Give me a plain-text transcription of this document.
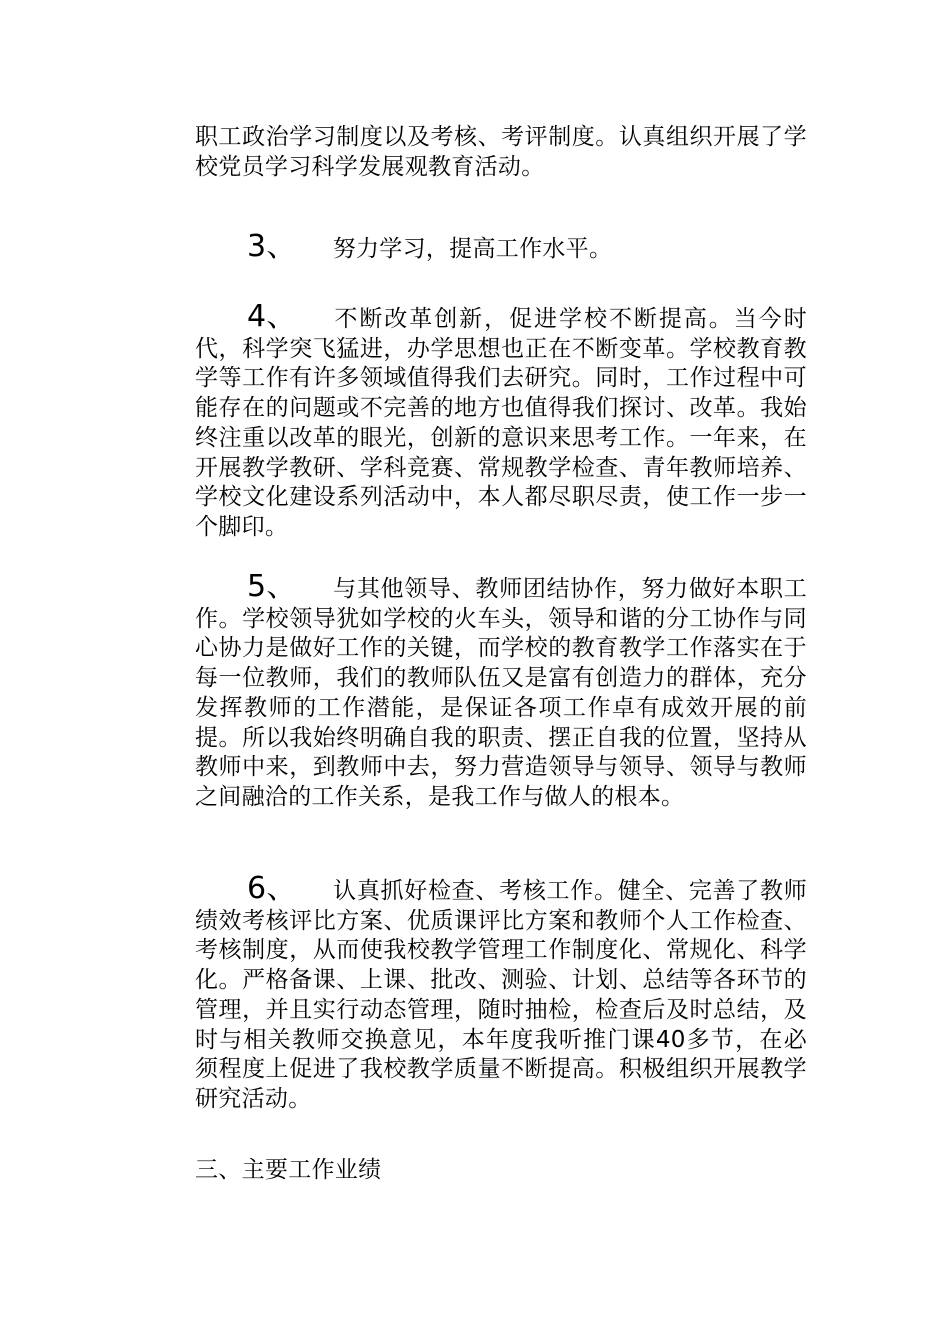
职工政治学习制度以及考核、考评制度。认真组织开展了学校党员学习科学发展观教育活动。

3、 努力学习，提高工作水平。

4、 不断改革创新，促进学校不断提高。当今时代，科学突飞猛进，办学思想也正在不断变革。学校教育教学等工作有许多领域值得我们去研究。同时，工作过程中可能存在的问题或不完善的地方也值得我们探讨、改革。我始终注重以改革的眼光，创新的意识来思考工作。一年来，在开展教学教研、学科竞赛、常规教学检查、青年教师培养、学校文化建设系列活动中，本人都尽职尽责，使工作一步一个脚印。

5、 与其他领导、教师团结协作，努力做好本职工作。学校领导犹如学校的火车头，领导和谐的分工协作与同心协力是做好工作的关键，而学校的教育教学工作落实在于每一位教师，我们的教师队伍又是富有创造力的群体，充分发挥教师的工作潜能，是保证各项工作卓有成效开展的前提。所以我始终明确自我的职责、摆正自我的位置，坚持从教师中来，到教师中去，努力营造领导与领导、领导与教师之间融洽的工作关系，是我工作与做人的根本。

6、 认真抓好检查、考核工作。健全、完善了教师绩效考核评比方案、优质课评比方案和教师个人工作检查、考核制度，从而使我校教学管理工作制度化、常规化、科学化。严格备课、上课、批改、测验、计划、总结等各环节的管理，并且实行动态管理，随时抽检，检查后及时总结，及时与相关教师交换意见，本年度我听推门课40多节，在必须程度上促进了我校教学质量不断提高。积极组织开展教学研究活动。

三、主要工作业绩
